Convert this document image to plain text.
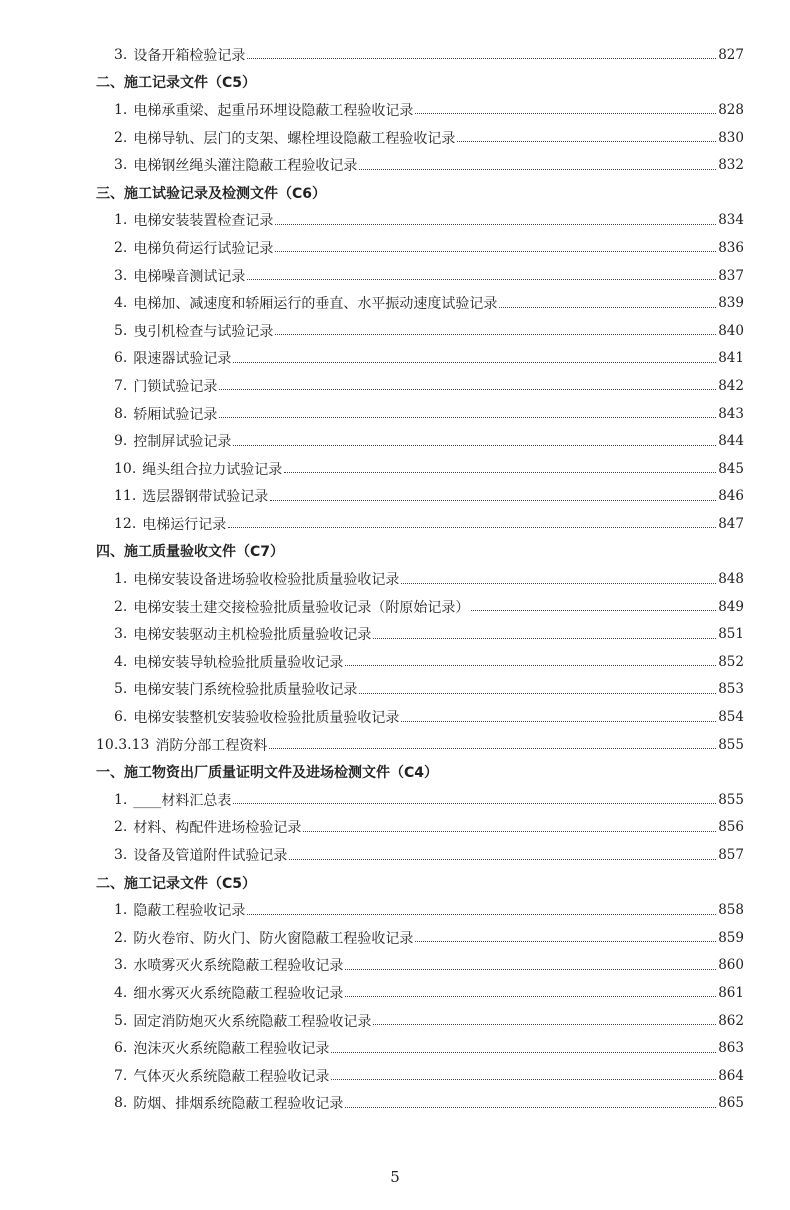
3. 设备开箱检验记录	827
二、施工记录文件（C5）
1. 电梯承重梁、起重吊环埋设隐蔽工程验收记录	828
2. 电梯导轨、层门的支架、螺栓埋设隐蔽工程验收记录	830
3. 电梯钢丝绳头灌注隐蔽工程验收记录	832
三、施工试验记录及检测文件（C6）
1. 电梯安装装置检查记录	834
2. 电梯负荷运行试验记录	836
3. 电梯噪音测试记录	837
4. 电梯加、减速度和轿厢运行的垂直、水平振动速度试验记录	839
5. 曳引机检查与试验记录	840
6. 限速器试验记录	841
7. 门锁试验记录	842
8. 轿厢试验记录	843
9. 控制屏试验记录	844
10. 绳头组合拉力试验记录	845
11. 选层器钢带试验记录	846
12. 电梯运行记录	847
四、施工质量验收文件（C7）
1. 电梯安装设备进场验收检验批质量验收记录	848
2. 电梯安装土建交接检验批质量验收记录（附原始记录）	849
3. 电梯安装驱动主机检验批质量验收记录	851
4. 电梯安装导轨检验批质量验收记录	852
5. 电梯安装门系统检验批质量验收记录	853
6. 电梯安装整机安装验收检验批质量验收记录	854
10.3.13 消防分部工程资料	855
一、施工物资出厂质量证明文件及进场检测文件（C4）
1. ____材料汇总表	855
2. 材料、构配件进场检验记录	856
3. 设备及管道附件试验记录	857
二、施工记录文件（C5）
1. 隐蔽工程验收记录	858
2. 防火卷帘、防火门、防火窗隐蔽工程验收记录	859
3. 水喷雾灭火系统隐蔽工程验收记录	860
4. 细水雾灭火系统隐蔽工程验收记录	861
5. 固定消防炮灭火系统隐蔽工程验收记录	862
6. 泡沫灭火系统隐蔽工程验收记录	863
7. 气体灭火系统隐蔽工程验收记录	864
8. 防烟、排烟系统隐蔽工程验收记录	865
5
